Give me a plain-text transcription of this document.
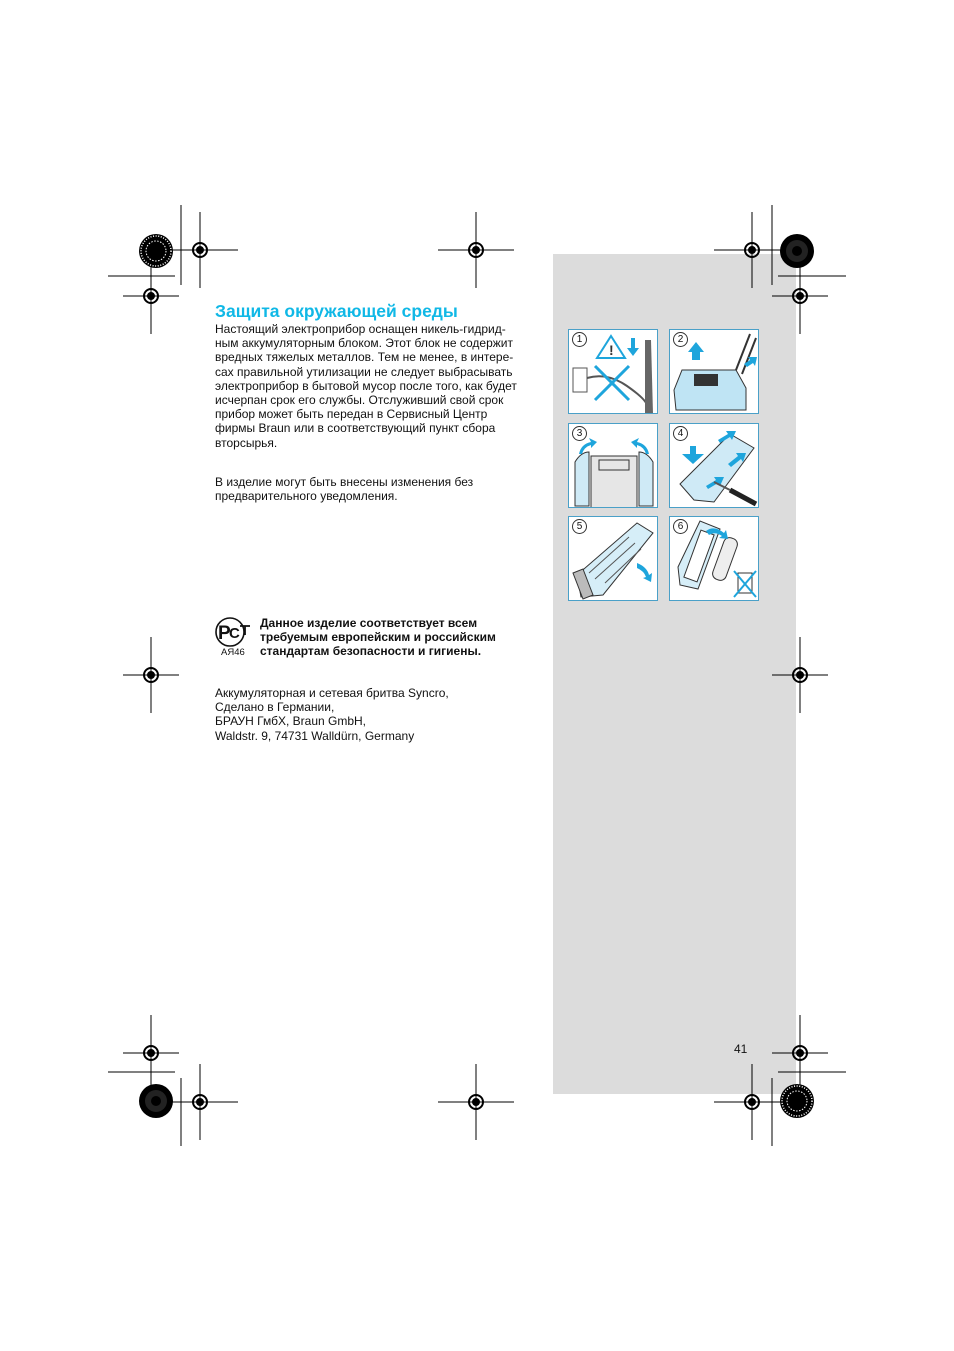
Защита окружающей среды
Настоящий электроприбор оснащен никель-гидрид-
ным аккумуляторным блоком. Этот блок не содержит
вредных тяжелых металлов. Тем не менее, в интере-
сах правильной утилизации не следует выбрасывать
электроприбор в бытовой мусор после того, как будет
исчерпан срок его службы. Отслуживший свой срок
прибор может быть передан в Сервисный Центр
фирмы Braun или в соответствующий пункт сбора
вторсырья.
В изделие могут быть внесены изменения без
предварительного уведомления.
Р
С
АЯ46
Данное изделие соответствует всем
требуемым европейским и российским
стандартам безопасности и гигиены.
Аккумуляторная и сетевая бритва Syncro,
Сделано в Германии,
БРАУН ГмбХ, Braun GmbH,
Waldstr. 9, 74731 Walldürn, Germany
1
!
2
3	4
5	6
41
